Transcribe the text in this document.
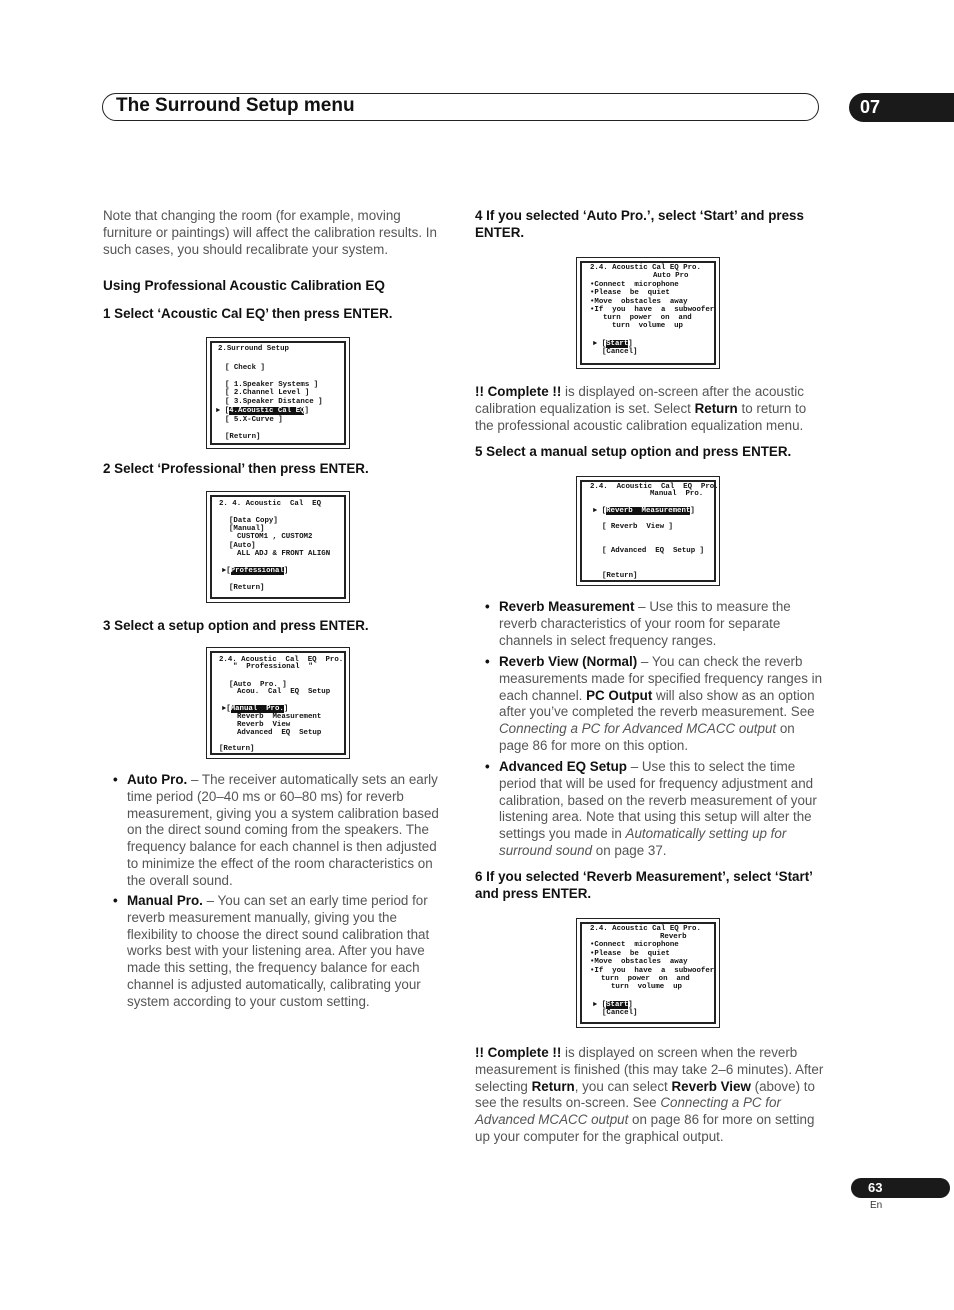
The Surround Setup menu	07
Note that changing the room (for example, moving furniture or paintings) will affect the calibration results. In such cases, you should recalibrate your system.
Using Professional Acoustic Calibration EQ
1 Select ‘Acoustic Cal EQ’ then press ENTER.
2.Surround Setup
[ Check ]
[ 1.Speaker Systems ]
[ 2.Channel Level ]
[ 3.Speaker Distance ]
► [4.Acoustic Cal EQ]
[ 5.X-Curve ]
[Return]
2 Select ‘Professional’ then press ENTER.
2. 4. Acoustic  Cal  EQ
[Data Copy]
[Manual]
CUSTOM1 , CUSTOM2
[Auto]
ALL ADJ & FRONT ALIGN
►[Professional]
[Return]
3 Select a setup option and press ENTER.
2.4. Acoustic  Cal  EQ  Pro.
"  Professional  "
[Auto  Pro. ]
Acou.  Cal  EQ  Setup
►[Manual  Pro.]
Reverb  Measurement
Reverb  View
Advanced  EQ  Setup
[Return]
• Auto Pro. – The receiver automatically sets an early time period (20–40 ms or 60–80 ms) for reverb measurement, giving you a system calibration based on the direct sound coming from the speakers. The frequency balance for each channel is then adjusted to minimize the effect of the room characteristics on the overall sound.
• Manual Pro. – You can set an early time period for reverb measurement manually, giving you the flexibility to choose the direct sound calibration that works best with your listening area. After you have made this setting, the frequency balance for each channel is adjusted automatically, calibrating your system according to your custom setting.
4 If you selected ‘Auto Pro.’, select ‘Start’ and press ENTER.
2.4. Acoustic Cal EQ Pro.
Auto Pro
•Connect  microphone
•Please  be  quiet
•Move  obstacles  away
•If  you  have  a  subwoofer
turn  power  on  and
turn  volume  up
► [Start]
[Cancel]
!! Complete !! is displayed on-screen after the acoustic calibration equalization is set. Select Return to return to the professional acoustic calibration equalization menu.
5 Select a manual setup option and press ENTER.
2.4.  Acoustic  Cal  EQ  Pro.
Manual  Pro.
► [Reverb  Measurement]
[ Reverb  View ]
[ Advanced  EQ  Setup ]
[Return]
• Reverb Measurement – Use this to measure the reverb characteristics of your room for separate channels in select frequency ranges.
• Reverb View (Normal) – You can check the reverb measurements made for specified frequency ranges in each channel. PC Output will also show as an option after you’ve completed the reverb measurement. See Connecting a PC for Advanced MCACC output on page 86 for more on this option.
• Advanced EQ Setup – Use this to select the time period that will be used for frequency adjustment and calibration, based on the reverb measurement of your listening area. Note that using this setup will alter the settings you made in Automatically setting up for surround sound on page 37.
6 If you selected ‘Reverb Measurement’, select ‘Start’ and press ENTER.
2.4. Acoustic Cal EQ Pro.
Reverb
•Connect  microphone
•Please  be  quiet
•Move  obstacles  away
•If  you  have  a  subwoofer
turn  power  on  and
turn  volume  up
► [Start]
[Cancel]
!! Complete !! is displayed on screen when the reverb measurement is finished (this may take 2–6 minutes). After selecting Return, you can select Reverb View (above) to see the results on-screen. See Connecting a PC for Advanced MCACC output on page 86 for more on setting up your computer for the graphical output.
63
En
